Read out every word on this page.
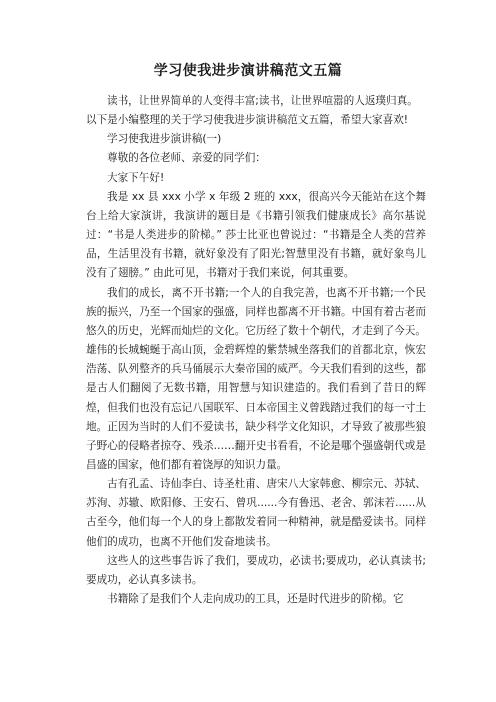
学习使我进步演讲稿范文五篇

读书，让世界简单的人变得丰富;读书，让世界喧嚣的人返璞归真。

以下是小编整理的关于学习使我进步演讲稿范文五篇，希望大家喜欢!

学习使我进步演讲稿(一)

尊敬的各位老师、亲爱的同学们：

大家下午好!

我是 xx 县 xxx 小学 x 年级 2 班的 xxx，很高兴今天能站在这个舞台上给大家演讲，我演讲的题目是《书籍引领我们健康成长》高尔基说过：“书是人类进步的阶梯。” 莎士比亚也曾说过：“书籍是全人类的营养品，生活里没有书籍，就好象没有了阳光;智慧里没有书籍，就好象鸟儿没有了翅膀。” 由此可见，书籍对于我们来说，何其重要。

我们的成长，离不开书籍;一个人的自我完善，也离不开书籍;一个民族的振兴，乃至一个国家的强盛，同样也都离不开书籍。中国有着古老而悠久的历史，光辉而灿烂的文化。它历经了数十个朝代，才走到了今天。雄伟的长城蜿蜒于高山顶，金碧辉煌的紫禁城坐落我们的首都北京，恢宏浩荡、队列整齐的兵马俑展示大秦帝国的威严。今天我们看到的这些，都是古人们翻阅了无数书籍，用智慧与知识建造的。我们看到了昔日的辉煌，但我们也没有忘记八国联军、日本帝国主义曾践踏过我们的每一寸土地。正因为当时的人们不爱读书，缺少科学文化知识，才导致了被那些狼子野心的侵略者掠夺、残杀……翻开史书看看，不论是哪个强盛朝代或是昌盛的国家，他们都有着饶厚的知识力量。

古有孔孟、诗仙李白、诗圣杜甫、唐宋八大家韩愈、柳宗元、苏轼、苏洵、苏辙、欧阳修、王安石、曾巩......今有鲁迅、老舍、郭沫若......从古至今，他们每一个人的身上都散发着同一种精神，就是酷爱读书。同样他们的成功，也离不开他们发奋地读书。

这些人的这些事告诉了我们，要成功，必读书;要成功，必认真读书;要成功，必认真多读书。

书籍除了是我们个人走向成功的工具，还是时代进步的阶梯。它
